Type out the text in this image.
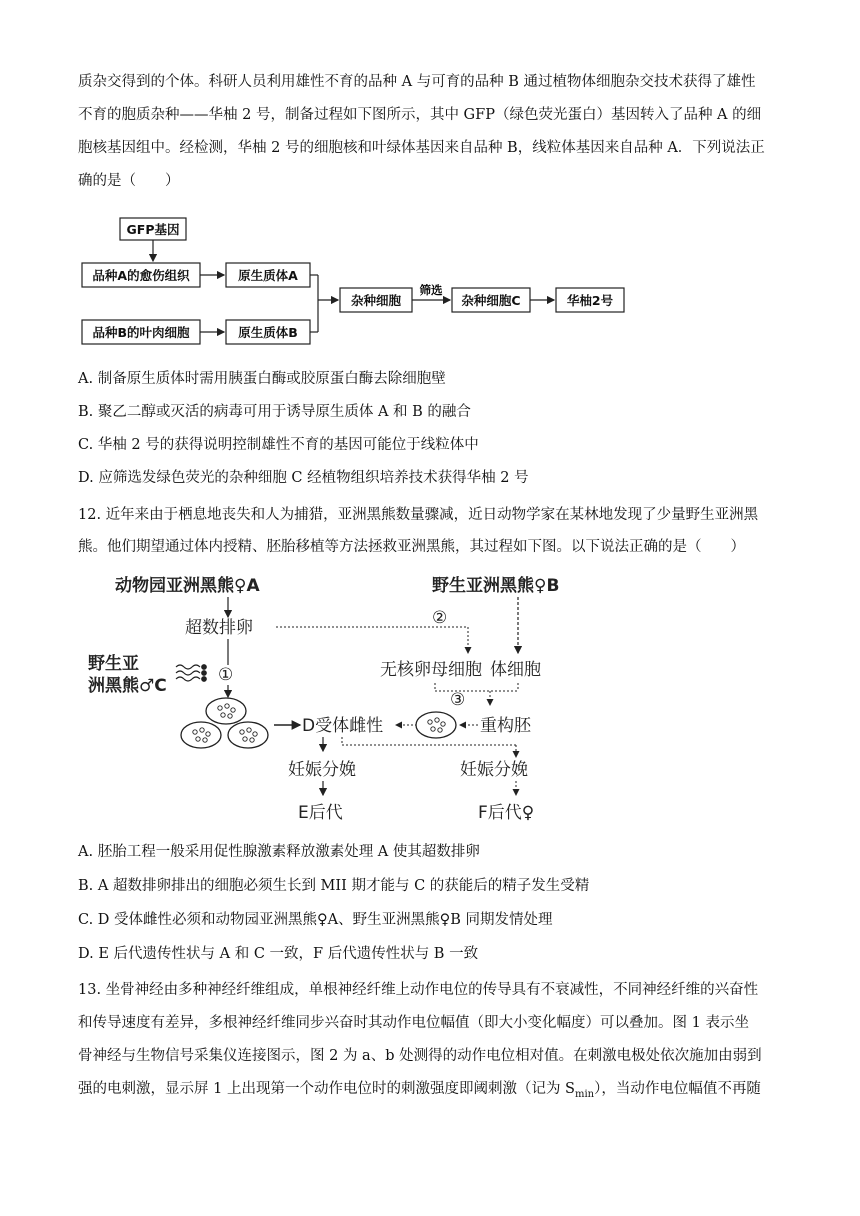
质杂交得到的个体。科研人员利用雄性不育的品种 A 与可育的品种 B 通过植物体细胞杂交技术获得了雄性

不育的胞质杂种——华柚 2 号，制备过程如下图所示，其中 GFP（绿色荧光蛋白）基因转入了品种 A 的细

胞核基因组中。经检测，华柚 2 号的细胞核和叶绿体基因来自品种 B，线粒体基因来自品种 A．下列说法正

确的是（　　）

GFP基因
品种A的愈伤组织	原生质体A
品种B的叶肉细胞	原生质体B
杂种细胞
筛选
杂种细胞C	华柚2号
A. 制备原生质体时需用胰蛋白酶或胶原蛋白酶去除细胞壁
B. 聚乙二醇或灭活的病毒可用于诱导原生质体 A 和 B 的融合
C. 华柚 2 号的获得说明控制雄性不育的基因可能位于线粒体中
D. 应筛选发绿色荧光的杂种细胞 C 经植物组织培养技术获得华柚 2 号

12. 近年来由于栖息地丧失和人为捕猎，亚洲黑熊数量骤减，近日动物学家在某林地发现了少量野生亚洲黑

熊。他们期望通过体内授精、胚胎移植等方法拯救亚洲黑熊，其过程如下图。以下说法正确的是（　　）

动物园亚洲黑熊♀A	野生亚洲黑熊♀B
超数排卵	②
无核卵母细胞 体细胞
野生亚
洲黑熊♂C
①
D受体雌性
③
重构胚
妊娠分娩	妊娠分娩
E后代	F后代♀
A. 胚胎工程一般采用促性腺激素释放激素处理 A 使其超数排卵
B. A 超数排卵排出的细胞必须生长到 MII 期才能与 C 的获能后的精子发生受精
C. D 受体雌性必须和动物园亚洲黑熊♀A、野生亚洲黑熊♀B 同期发情处理
D. E 后代遗传性状与 A 和 C 一致，F 后代遗传性状与 B 一致

13. 坐骨神经由多种神经纤维组成，单根神经纤维上动作电位的传导具有不衰减性，不同神经纤维的兴奋性

和传导速度有差异，多根神经纤维同步兴奋时其动作电位幅值（即大小变化幅度）可以叠加。图 1 表示坐

骨神经与生物信号采集仪连接图示，图 2 为 a、b 处测得的动作电位相对值。在刺激电极处依次施加由弱到

强的电刺激，显示屏 1 上出现第一个动作电位时的刺激强度即阈刺激（记为 $S_{min}$），当动作电位幅值不再随
